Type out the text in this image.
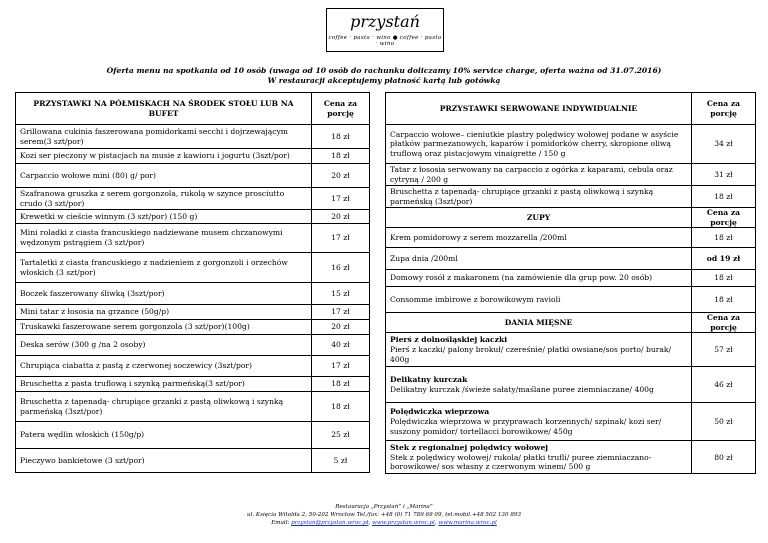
przystań
coffee · pasta · wino ● coffee · pasta · wino
Oferta menu na spotkania od 10 osób (uwaga od 10 osób do rachunku doliczamy 10% service charge, oferta ważna od 31.07.2016)
W restauracji akceptujemy płatność kartą lub gotówką
PRZYSTAWKI NA PÓŁMISKACH NA ŚRODEK STOŁU LUB NA BUFET	Cena za porcję
Grillowana cukinia faszerowana pomidorkami secchi i dojrzewającym serem(3 szt/por)	18 zł
Kozi ser pieczony w pistacjach na musie z kawioru i jogurtu (3szt/por)	18 zł
Carpaccio wołowe mini (80) g/ por)	20 zł
Szafranowa gruszka z serem gorgonzola, rukolą w szynce prosciutto crudo (3 szt/por)	17 zł
Krewetki w cieście winnym (3 szt/por) (150 g)	20 zł
Mini roladki z ciasta francuskiego nadziewane musem chrzanowymi wędzonym pstrągiem (3 szt/por)	17 zł
Tartaletki z ciasta francuskiego z nadzieniem z gorgonzoli i orzechów włoskich (3 szt/por)	16 zł
Boczek faszerowany śliwką (3szt/por)	15 zł
Mini tatar z łososia na grzance (50g/p)	17 zł
Truskawki faszerowane serem gorgonzola (3 szt/por)(100g)	20 zł
Deska serów (300 g /na 2 osoby)	40 zł
Chrupiąca ciabatta z pastą z czerwonej soczewicy (3szt/por)	17 zł
Bruschetta z pasta truflową i szynką parmeńską(3 szt/por)	18 zł
Bruschetta z tapenadą- chrupiące grzanki z pastą oliwkową i szynką parmeńską (3szt/por)	18 zł
Patera wędlin włoskich (150g/p)	25 zł
Pieczywo bankietowe (3 szt/por)	5 zł
PRZYSTAWKI SERWOWANE INDYWIDUALNIE	Cena za porcję
Carpaccio wołowe– cieniutkie plastry polędwicy wołowej podane w asyście płatków parmezanowych, kaparów i pomidorków cherry, skropione oliwą truflową oraz pistacjowym vinaigrette / 150 g	34 zł
Tatar z łososia serwowany na carpaccio z ogórka z kaparami, cebula oraz cytryną / 200 g	31 zł
Bruschetta z tapenadą- chrupiące grzanki z pastą oliwkową i szynką parmeńską (3szt/por)	18 zł
ZUPY	Cena za porcję
Krem pomidorowy z serem mozzarella /200ml	18 zł
Zupa dnia /200ml	od 19 zł
Domowy rosół z makaronem (na zamówienie dla grup pow. 20 osób)	18 zł
Consomme imbirowe z borowikowym ravioli	18 zł
DANIA MIĘSNE	Cena za porcję

Pierś z dolnośląskiej kaczki
Pierś z kaczki/ palony brokuł/ czereśnie/ płatki owsiane/sos porto/ burak/ 400g	57 zł

Delikatny kurczak
Delikatny kurczak /świeże sałaty/maślane puree ziemniaczane/ 400g	46 zł

Polędwiczka wieprzowa
Polędwiczka wieprzowa w przyprawach korzennych/ szpinak/ kozi ser/ suszony pomidor/ tortellacci borowikowe/ 450g	50 zł

Stek z regionalnej polędwicy wołowej
Stek z polędwicy wołowej/ rukola/ płatki trufli/ puree ziemniaczano-borowikowe/ sos własny z czerwonym winem/ 500 g	80 zł
Restauracja „Przystań” i „Marina”
ul. Księcia Witolda 2, 50-202 Wrocław Tel./fax: +48 (0) 71 789 69 09, tel.mobil.+48 502 130 893
Email: przystan@przystan.wroc.pl, www.przystan.wroc.pl, www.marina.wroc.pl
